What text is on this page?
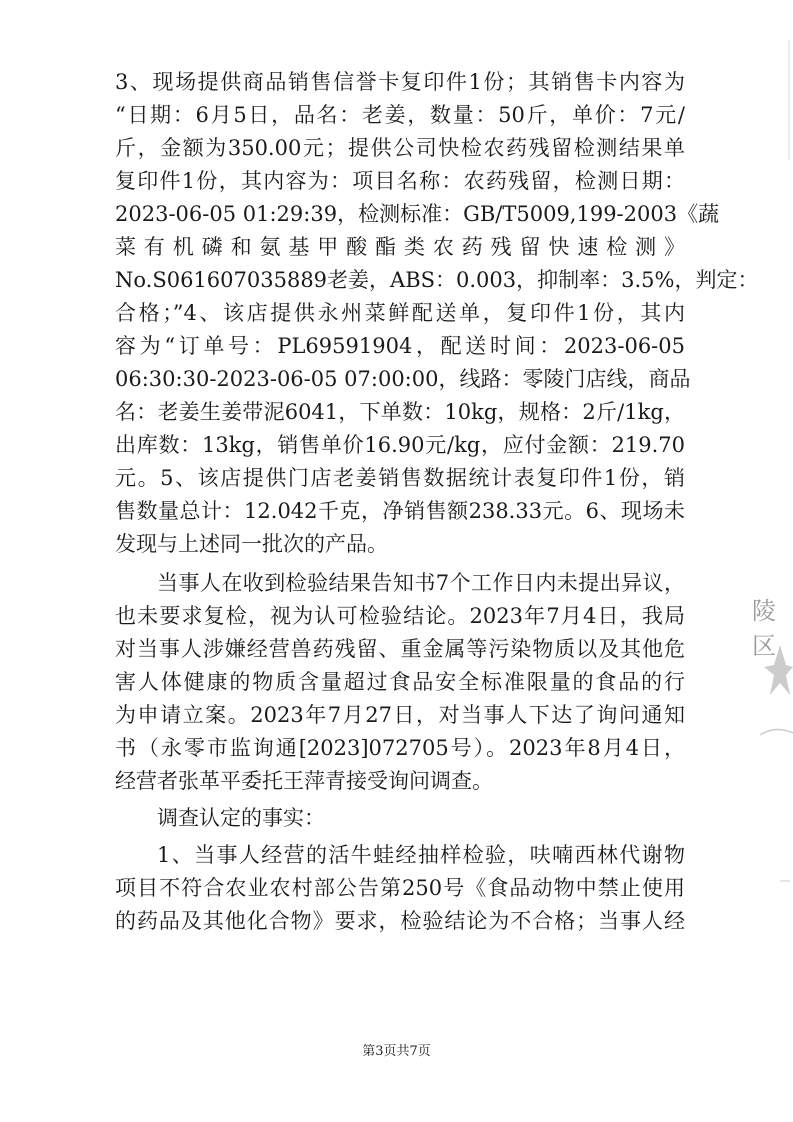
3、现场提供商品销售信誉卡复印件1份；其销售卡内容为
“日期：6月5日，品名：老姜，数量：50斤，单价：7元/
斤，金额为350.00元；提供公司快检农药残留检测结果单
复印件1份，其内容为：项目名称：农药残留，检测日期：
2023-06-05 01:29:39，检测标准：GB/T5009,199-2003《蔬
菜有机磷和氨基甲酸酯类农药残留快速检测》
No.S061607035889老姜，ABS：0.003，抑制率：3.5%，判定：
合格；”4、该店提供永州菜鲜配送单，复印件1份，其内
容为“订单号：PL69591904，配送时间：2023-06-05
06:30:30-2023-06-05 07:00:00，线路：零陵门店线，商品
名：老姜生姜带泥6041，下单数：10kg，规格：2斤/1kg，
出库数：13kg，销售单价16.90元/kg，应付金额：219.70
元。5、该店提供门店老姜销售数据统计表复印件1份，销
售数量总计：12.042千克，净销售额238.33元。6、现场未
发现与上述同一批次的产品。
当事人在收到检验结果告知书7个工作日内未提出异议，
也未要求复检，视为认可检验结论。2023年7月4日，我局
对当事人涉嫌经营兽药残留、重金属等污染物质以及其他危
害人体健康的物质含量超过食品安全标准限量的食品的行
为申请立案。2023年7月27日，对当事人下达了询问通知
书（永零市监询通[2023]072705号）。2023年8月4日，
经营者张革平委托王萍青接受询问调查。
调查认定的事实：
1、当事人经营的活牛蛙经抽样检验，呋喃西林代谢物
项目不符合农业农村部公告第250号《食品动物中禁止使用
的药品及其他化合物》要求，检验结论为不合格；当事人经
陵区
第3页共7页
